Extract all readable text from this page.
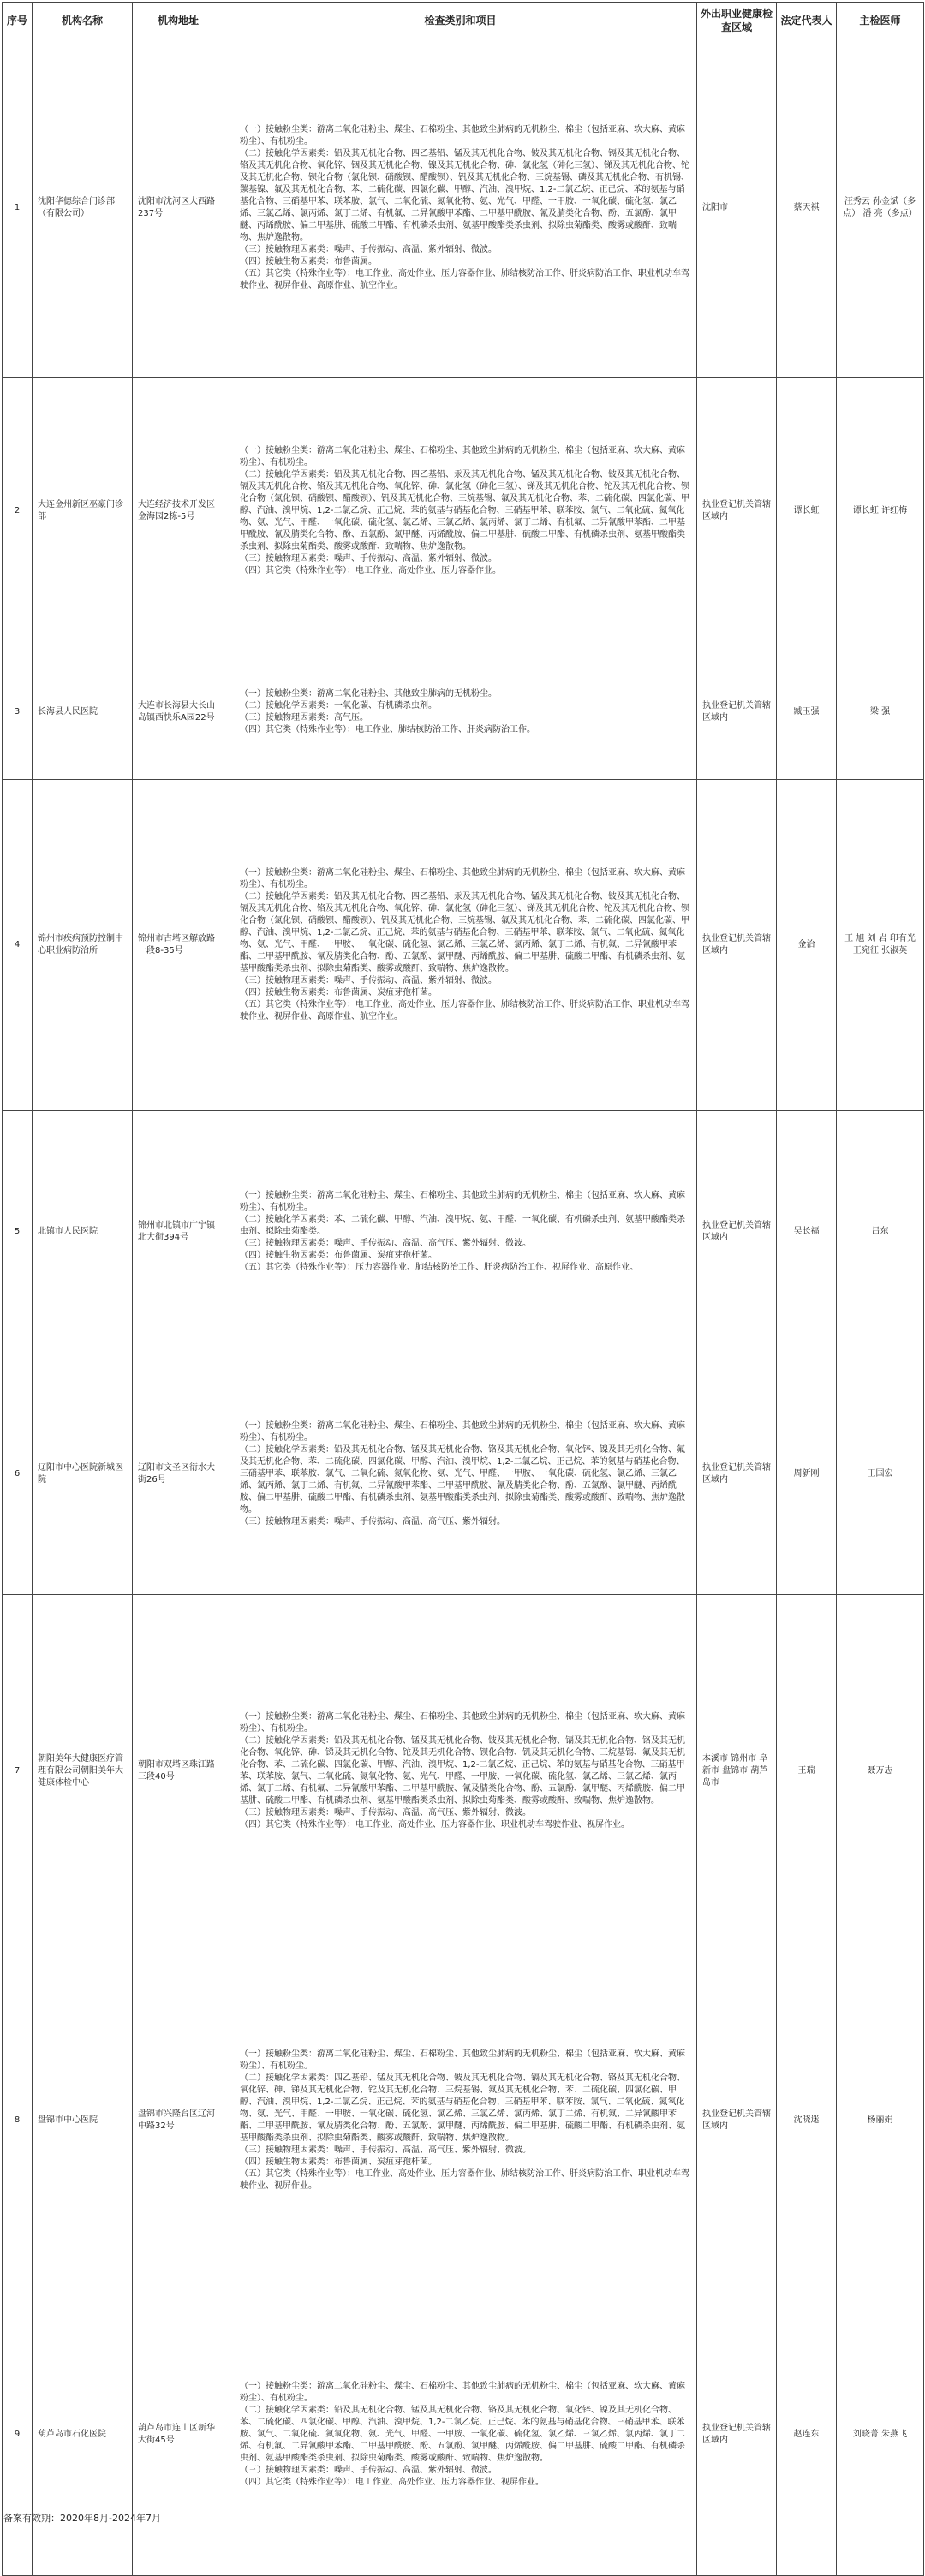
序号	机构名称	机构地址	检查类别和项目	外出职业健康检查区域	法定代表人	主检医师
1	沈阳华德综合门诊部（有限公司）	沈阳市沈河区大西路237号	（一）接触粉尘类：游离二氧化硅粉尘、煤尘、石棉粉尘、其他致尘肺病的无机粉尘、棉尘（包括亚麻、软大麻、黄麻粉尘）、有机粉尘。
（二）接触化学因素类：铅及其无机化合物、四乙基铅、锰及其无机化合物、铍及其无机化合物、镉及其无机化合物、铬及其无机化合物、氧化锌、铟及其无机化合物、镍及其无机化合物、砷、氯化氢（砷化三氢）、锑及其无机化合物、铊及其无机化合物、钡化合物（氯化钡、硝酸钡、醋酸钡）、钒及其无机化合物、三烷基锡、磷及其无机化合物、有机锡、羰基镍、氟及其无机化合物、苯、二硫化碳、四氯化碳、甲醇、汽油、溴甲烷、1,2-二氯乙烷、正己烷、苯的氨基与硝基化合物、三硝基甲苯、联苯胺、氯气、二氧化硫、氮氧化物、氨、光气、甲醛、一甲胺、一氧化碳、硫化氢、氯乙烯、三氯乙烯、氯丙烯、氯丁二烯、有机氟、二异氰酸甲苯酯、二甲基甲酰胺、氰及腈类化合物、酚、五氯酚、氯甲醚、丙烯酰胺、偏二甲基肼、硫酸二甲酯、有机磷杀虫剂、氨基甲酸酯类杀虫剂、拟除虫菊酯类、酸雾或酸酐、致喘物、焦炉逸散物。
（三）接触物理因素类：噪声、手传振动、高温、紫外辐射、微波。
（四）接触生物因素类：布鲁菌属。
（五）其它类（特殊作业等）：电工作业、高处作业、压力容器作业、肺结核防治工作、肝炎病防治工作、职业机动车驾驶作业、视屏作业、高原作业、航空作业。	沈阳市	蔡天祺	汪秀云 孙金斌（多点） 潘 亮（多点）
2	大连金州新区巫豪门诊部	大连经济技术开发区金海园2栋-5号	（一）接触粉尘类：游离二氧化硅粉尘、煤尘、石棉粉尘、其他致尘肺病的无机粉尘、棉尘（包括亚麻、软大麻、黄麻粉尘）、有机粉尘。
（二）接触化学因素类：铅及其无机化合物、四乙基铅、汞及其无机化合物、锰及其无机化合物、铍及其无机化合物、镉及其无机化合物、铬及其无机化合物、氧化锌、砷、氯化氢（砷化三氢）、锑及其无机化合物、铊及其无机化合物、钡化合物（氯化钡、硝酸钡、醋酸钡）、钒及其无机化合物、三烷基锡、氟及其无机化合物、苯、二硫化碳、四氯化碳、甲醇、汽油、溴甲烷、1,2-二氯乙烷、正己烷、苯的氨基与硝基化合物、三硝基甲苯、联苯胺、氯气、二氧化硫、氮氧化物、氨、光气、甲醛、一氧化碳、硫化氢、氯乙烯、三氯乙烯、氯丙烯、氯丁二烯、有机氟、二异氰酸甲苯酯、二甲基甲酰胺、氰及腈类化合物、酚、五氯酚、氯甲醚、丙烯酰胺、偏二甲基肼、硫酸二甲酯、有机磷杀虫剂、氨基甲酸酯类杀虫剂、拟除虫菊酯类、酸雾或酸酐、致喘物、焦炉逸散物。
（三）接触物理因素类：噪声、手传振动、高温、紫外辐射、微波。
（四）其它类（特殊作业等）：电工作业、高处作业、压力容器作业。	执业登记机关管辖区域内	谭长虹	谭长虹 许红梅
3	长海县人民医院	大连市长海县大长山岛镇西快乐A园22号	（一）接触粉尘类：游离二氧化硅粉尘、其他致尘肺病的无机粉尘。
（二）接触化学因素类：一氧化碳、有机磷杀虫剂。
（三）接触物理因素类：高气压。
（四）其它类（特殊作业等）：电工作业、肺结核防治工作、肝炎病防治工作。	执业登记机关管辖区域内	臧玉强	梁 强
4	锦州市疾病预防控制中心职业病防治所	锦州市古塔区解放路一段8-35号	（一）接触粉尘类：游离二氧化硅粉尘、煤尘、石棉粉尘、其他致尘肺病的无机粉尘、棉尘（包括亚麻、软大麻、黄麻粉尘）、有机粉尘。
（二）接触化学因素类：铅及其无机化合物、四乙基铅、汞及其无机化合物、锰及其无机化合物、铍及其无机化合物、镉及其无机化合物、铬及其无机化合物、氧化锌、砷、氯化氢（砷化三氢）、锑及其无机化合物、铊及其无机化合物、钡化合物（氯化钡、硝酸钡、醋酸钡）、钒及其无机化合物、三烷基锡、氟及其无机化合物、苯、二硫化碳、四氯化碳、甲醇、汽油、溴甲烷、1,2-二氯乙烷、正己烷、苯的氨基与硝基化合物、三硝基甲苯、联苯胺、氯气、二氧化硫、氮氧化物、氨、光气、甲醛、一甲胺、一氧化碳、硫化氢、氯乙烯、三氯乙烯、氯丙烯、氯丁二烯、有机氟、二异氰酸甲苯酯、二甲基甲酰胺、氰及腈类化合物、酚、五氯酚、氯甲醚、丙烯酰胺、偏二甲基肼、硫酸二甲酯、有机磷杀虫剂、氨基甲酸酯类杀虫剂、拟除虫菊酯类、酸雾或酸酐、致喘物、焦炉逸散物。
（三）接触物理因素类：噪声、手传振动、高温、紫外辐射、微波。
（四）接触生物因素类：布鲁菌属、炭疽芽孢杆菌。
（五）其它类（特殊作业等）：电工作业、高处作业、压力容器作业、肺结核防治工作、肝炎病防治工作、职业机动车驾驶作业、视屏作业、高原作业、航空作业。	执业登记机关管辖区域内	金治	王 旭 刘 岩 印有光 王宛征 张淑英
5	北镇市人民医院	锦州市北镇市广宁镇北大街394号	（一）接触粉尘类：游离二氧化硅粉尘、煤尘、石棉粉尘、其他致尘肺病的无机粉尘、棉尘（包括亚麻、软大麻、黄麻粉尘）、有机粉尘。
（二）接触化学因素类：苯、二硫化碳、甲醇、汽油、溴甲烷、氨、甲醛、一氧化碳、有机磷杀虫剂、氨基甲酸酯类杀虫剂、拟除虫菊酯类。
（三）接触物理因素类：噪声、手传振动、高温、高气压、紫外辐射、微波。
（四）接触生物因素类：布鲁菌属、炭疽芽孢杆菌。
（五）其它类（特殊作业等）：压力容器作业、肺结核防治工作、肝炎病防治工作、视屏作业、高原作业。	执业登记机关管辖区域内	吴长福	吕东
6	辽阳市中心医院新城医院	辽阳市文圣区衍水大街26号	（一）接触粉尘类：游离二氧化硅粉尘、煤尘、石棉粉尘、其他致尘肺病的无机粉尘、棉尘（包括亚麻、软大麻、黄麻粉尘）、有机粉尘。
（二）接触化学因素类：铅及其无机化合物、锰及其无机化合物、铬及其无机化合物、氧化锌、镍及其无机化合物、氟及其无机化合物、苯、二硫化碳、四氯化碳、甲醇、汽油、溴甲烷、1,2-二氯乙烷、正己烷、苯的氨基与硝基化合物、三硝基甲苯、联苯胺、氯气、二氧化硫、氮氧化物、氨、光气、甲醛、一甲胺、一氧化碳、硫化氢、氯乙烯、三氯乙烯、氯丙烯、氯丁二烯、有机氟、二异氰酸甲苯酯、二甲基甲酰胺、氰及腈类化合物、酚、五氯酚、氯甲醚、丙烯酰胺、偏二甲基肼、硫酸二甲酯、有机磷杀虫剂、氨基甲酸酯类杀虫剂、拟除虫菊酯类、酸雾或酸酐、致喘物、焦炉逸散物。
（三）接触物理因素类：噪声、手传振动、高温、高气压、紫外辐射。	执业登记机关管辖区域内	周新刚	王国宏
7	朝阳美年大健康医疗管理有限公司朝阳美年大健康体检中心	朝阳市双塔区珠江路三段40号	（一）接触粉尘类：游离二氧化硅粉尘、煤尘、石棉粉尘、其他致尘肺病的无机粉尘、棉尘（包括亚麻、软大麻、黄麻粉尘）、有机粉尘。
（二）接触化学因素类：铅及其无机化合物、锰及其无机化合物、铍及其无机化合物、镉及其无机化合物、铬及其无机化合物、氧化锌、砷、锑及其无机化合物、铊及其无机化合物、钡化合物、钒及其无机化合物、三烷基锡、氟及其无机化合物、苯、二硫化碳、四氯化碳、甲醇、汽油、溴甲烷、1,2-二氯乙烷、正己烷、苯的氨基与硝基化合物、三硝基甲苯、联苯胺、氯气、二氧化硫、氮氧化物、氨、光气、甲醛、一甲胺、一氧化碳、硫化氢、氯乙烯、三氯乙烯、氯丙烯、氯丁二烯、有机氟、二异氰酸甲苯酯、二甲基甲酰胺、氰及腈类化合物、酚、五氯酚、氯甲醚、丙烯酰胺、偏二甲基肼、硫酸二甲酯、有机磷杀虫剂、氨基甲酸酯类杀虫剂、拟除虫菊酯类、酸雾或酸酐、致喘物、焦炉逸散物。
（三）接触物理因素类：噪声、手传振动、高温、高气压、紫外辐射、微波。
（四）其它类（特殊作业等）：电工作业、高处作业、压力容器作业、职业机动车驾驶作业、视屏作业。	本溪市 锦州市 阜新市 盘锦市 葫芦岛市	王瑞	聂万志
8	盘锦市中心医院	盘锦市兴隆台区辽河中路32号	（一）接触粉尘类：游离二氧化硅粉尘、煤尘、石棉粉尘、其他致尘肺病的无机粉尘、棉尘（包括亚麻、软大麻、黄麻粉尘）、有机粉尘。
（二）接触化学因素类：四乙基铅、锰及其无机化合物、铍及其无机化合物、镉及其无机化合物、铬及其无机化合物、氧化锌、砷、锑及其无机化合物、铊及其无机化合物、三烷基锡、氟及其无机化合物、苯、二硫化碳、四氯化碳、甲醇、汽油、溴甲烷、1,2-二氯乙烷、正己烷、苯的氨基与硝基化合物、三硝基甲苯、联苯胺、氯气、二氧化硫、氮氧化物、氨、光气、甲醛、一甲胺、一氧化碳、硫化氢、氯乙烯、三氯乙烯、氯丙烯、氯丁二烯、有机氟、二异氰酸甲苯酯、二甲基甲酰胺、氰及腈类化合物、酚、五氯酚、氯甲醚、丙烯酰胺、偏二甲基肼、硫酸二甲酯、有机磷杀虫剂、氨基甲酸酯类杀虫剂、拟除虫菊酯类、酸雾或酸酐、致喘物、焦炉逸散物。
（三）接触物理因素类：噪声、手传振动、高温、高气压、紫外辐射、微波。
（四）接触生物因素类：布鲁菌属、炭疽芽孢杆菌。
（五）其它类（特殊作业等）：电工作业、高处作业、压力容器作业、肺结核防治工作、肝炎病防治工作、职业机动车驾驶作业、视屏作业。	执业登记机关管辖区域内	沈晓迷	杨丽娟
9	葫芦岛市石化医院	葫芦岛市连山区新华大街45号	（一）接触粉尘类：游离二氧化硅粉尘、煤尘、石棉粉尘、其他致尘肺病的无机粉尘、棉尘（包括亚麻、软大麻、黄麻粉尘）、有机粉尘。
（二）接触化学因素类：铅及其无机化合物、锰及其无机化合物、铬及其无机化合物、氧化锌、镍及其无机化合物、苯、二硫化碳、四氯化碳、甲醇、汽油、溴甲烷、1,2-二氯乙烷、正己烷、苯的氨基与硝基化合物、三硝基甲苯、联苯胺、氯气、二氧化硫、氮氧化物、氨、光气、甲醛、一甲胺、一氧化碳、硫化氢、氯乙烯、三氯乙烯、氯丙烯、氯丁二烯、有机氟、二异氰酸甲苯酯、二甲基甲酰胺、酚、五氯酚、氯甲醚、丙烯酰胺、偏二甲基肼、硫酸二甲酯、有机磷杀虫剂、氨基甲酸酯类杀虫剂、拟除虫菊酯类、酸雾或酸酐、致喘物、焦炉逸散物。
（三）接触物理因素类：噪声、手传振动、高温、紫外辐射、微波。
（四）其它类（特殊作业等）：电工作业、高处作业、压力容器作业、视屏作业。	执业登记机关管辖区域内	赵连东	刘晓菁 朱燕飞
备案有效期：2020年8月-2024年7月
